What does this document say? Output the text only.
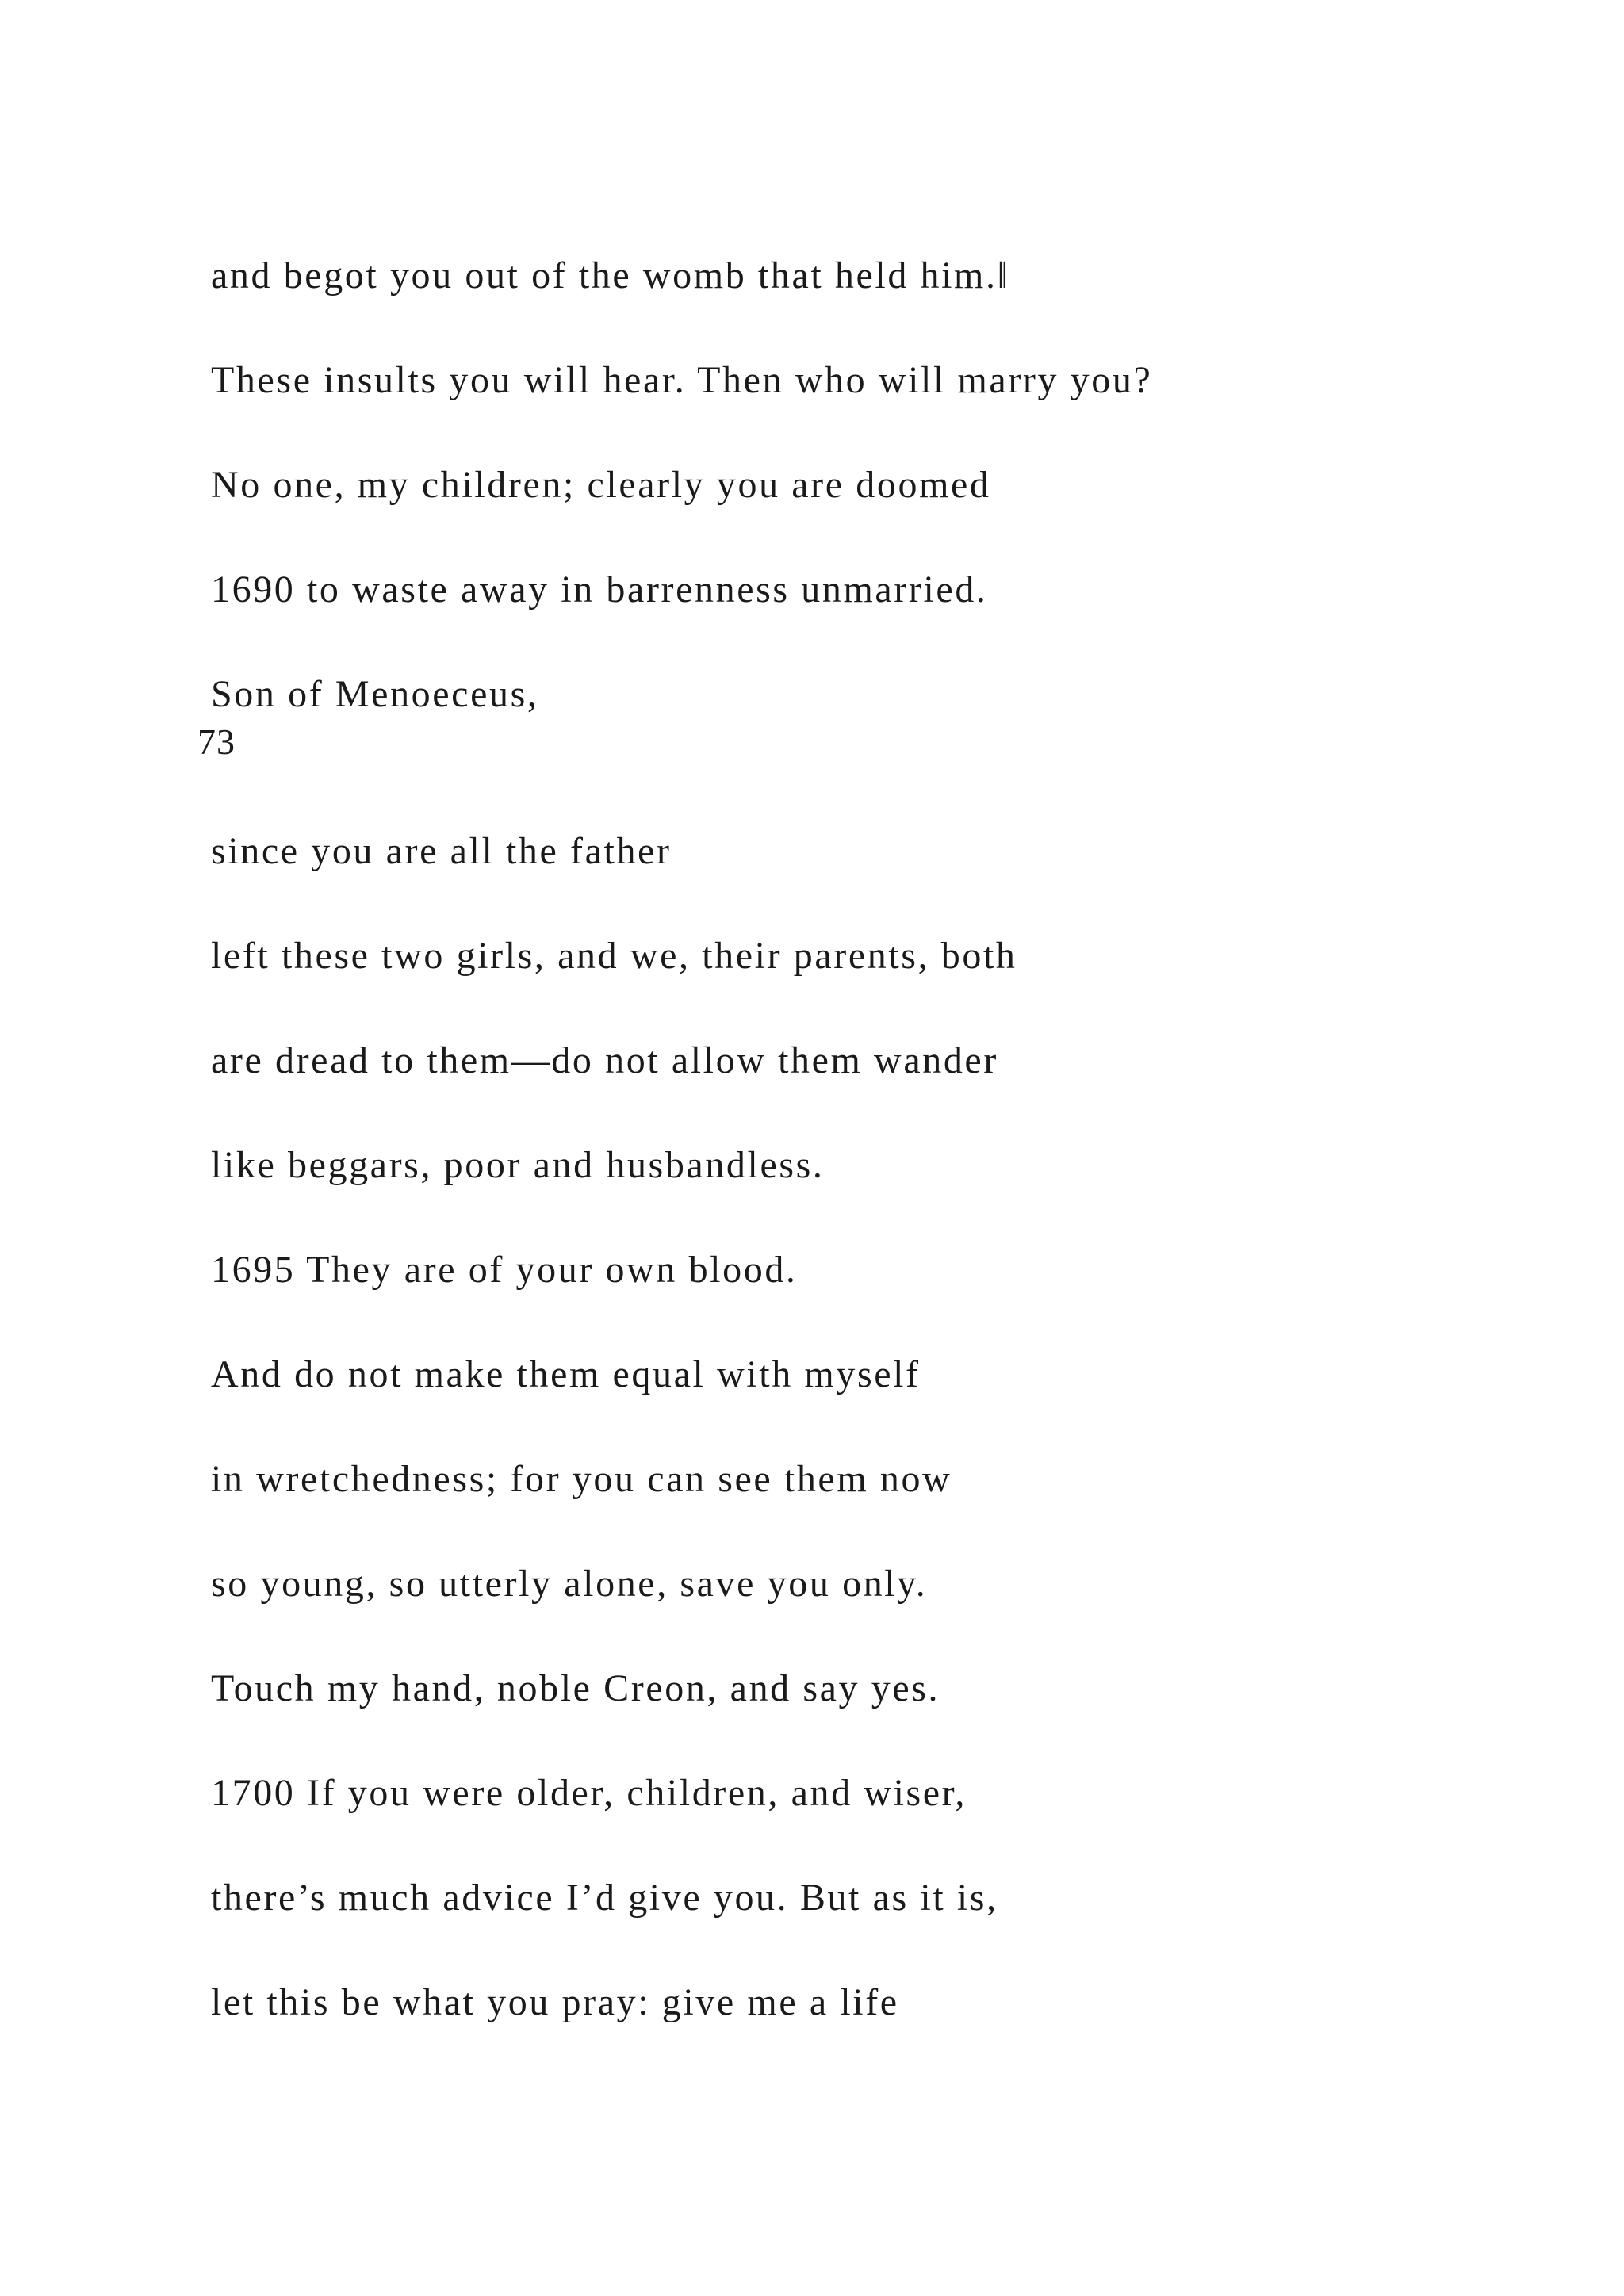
and begot you out of the womb that held him.‖
These insults you will hear. Then who will marry you?
No one, my children; clearly you are doomed
1690 to waste away in barrenness unmarried.
Son of Menoeceus,
73
since you are all the father
left these two girls, and we, their parents, both
are dread to them—do not allow them wander
like beggars, poor and husbandless.
1695 They are of your own blood.
And do not make them equal with myself
in wretchedness; for you can see them now
so young, so utterly alone, save you only.
Touch my hand, noble Creon, and say yes.
1700 If you were older, children, and wiser,
there’s much advice I’d give you. But as it is,
let this be what you pray: give me a life
